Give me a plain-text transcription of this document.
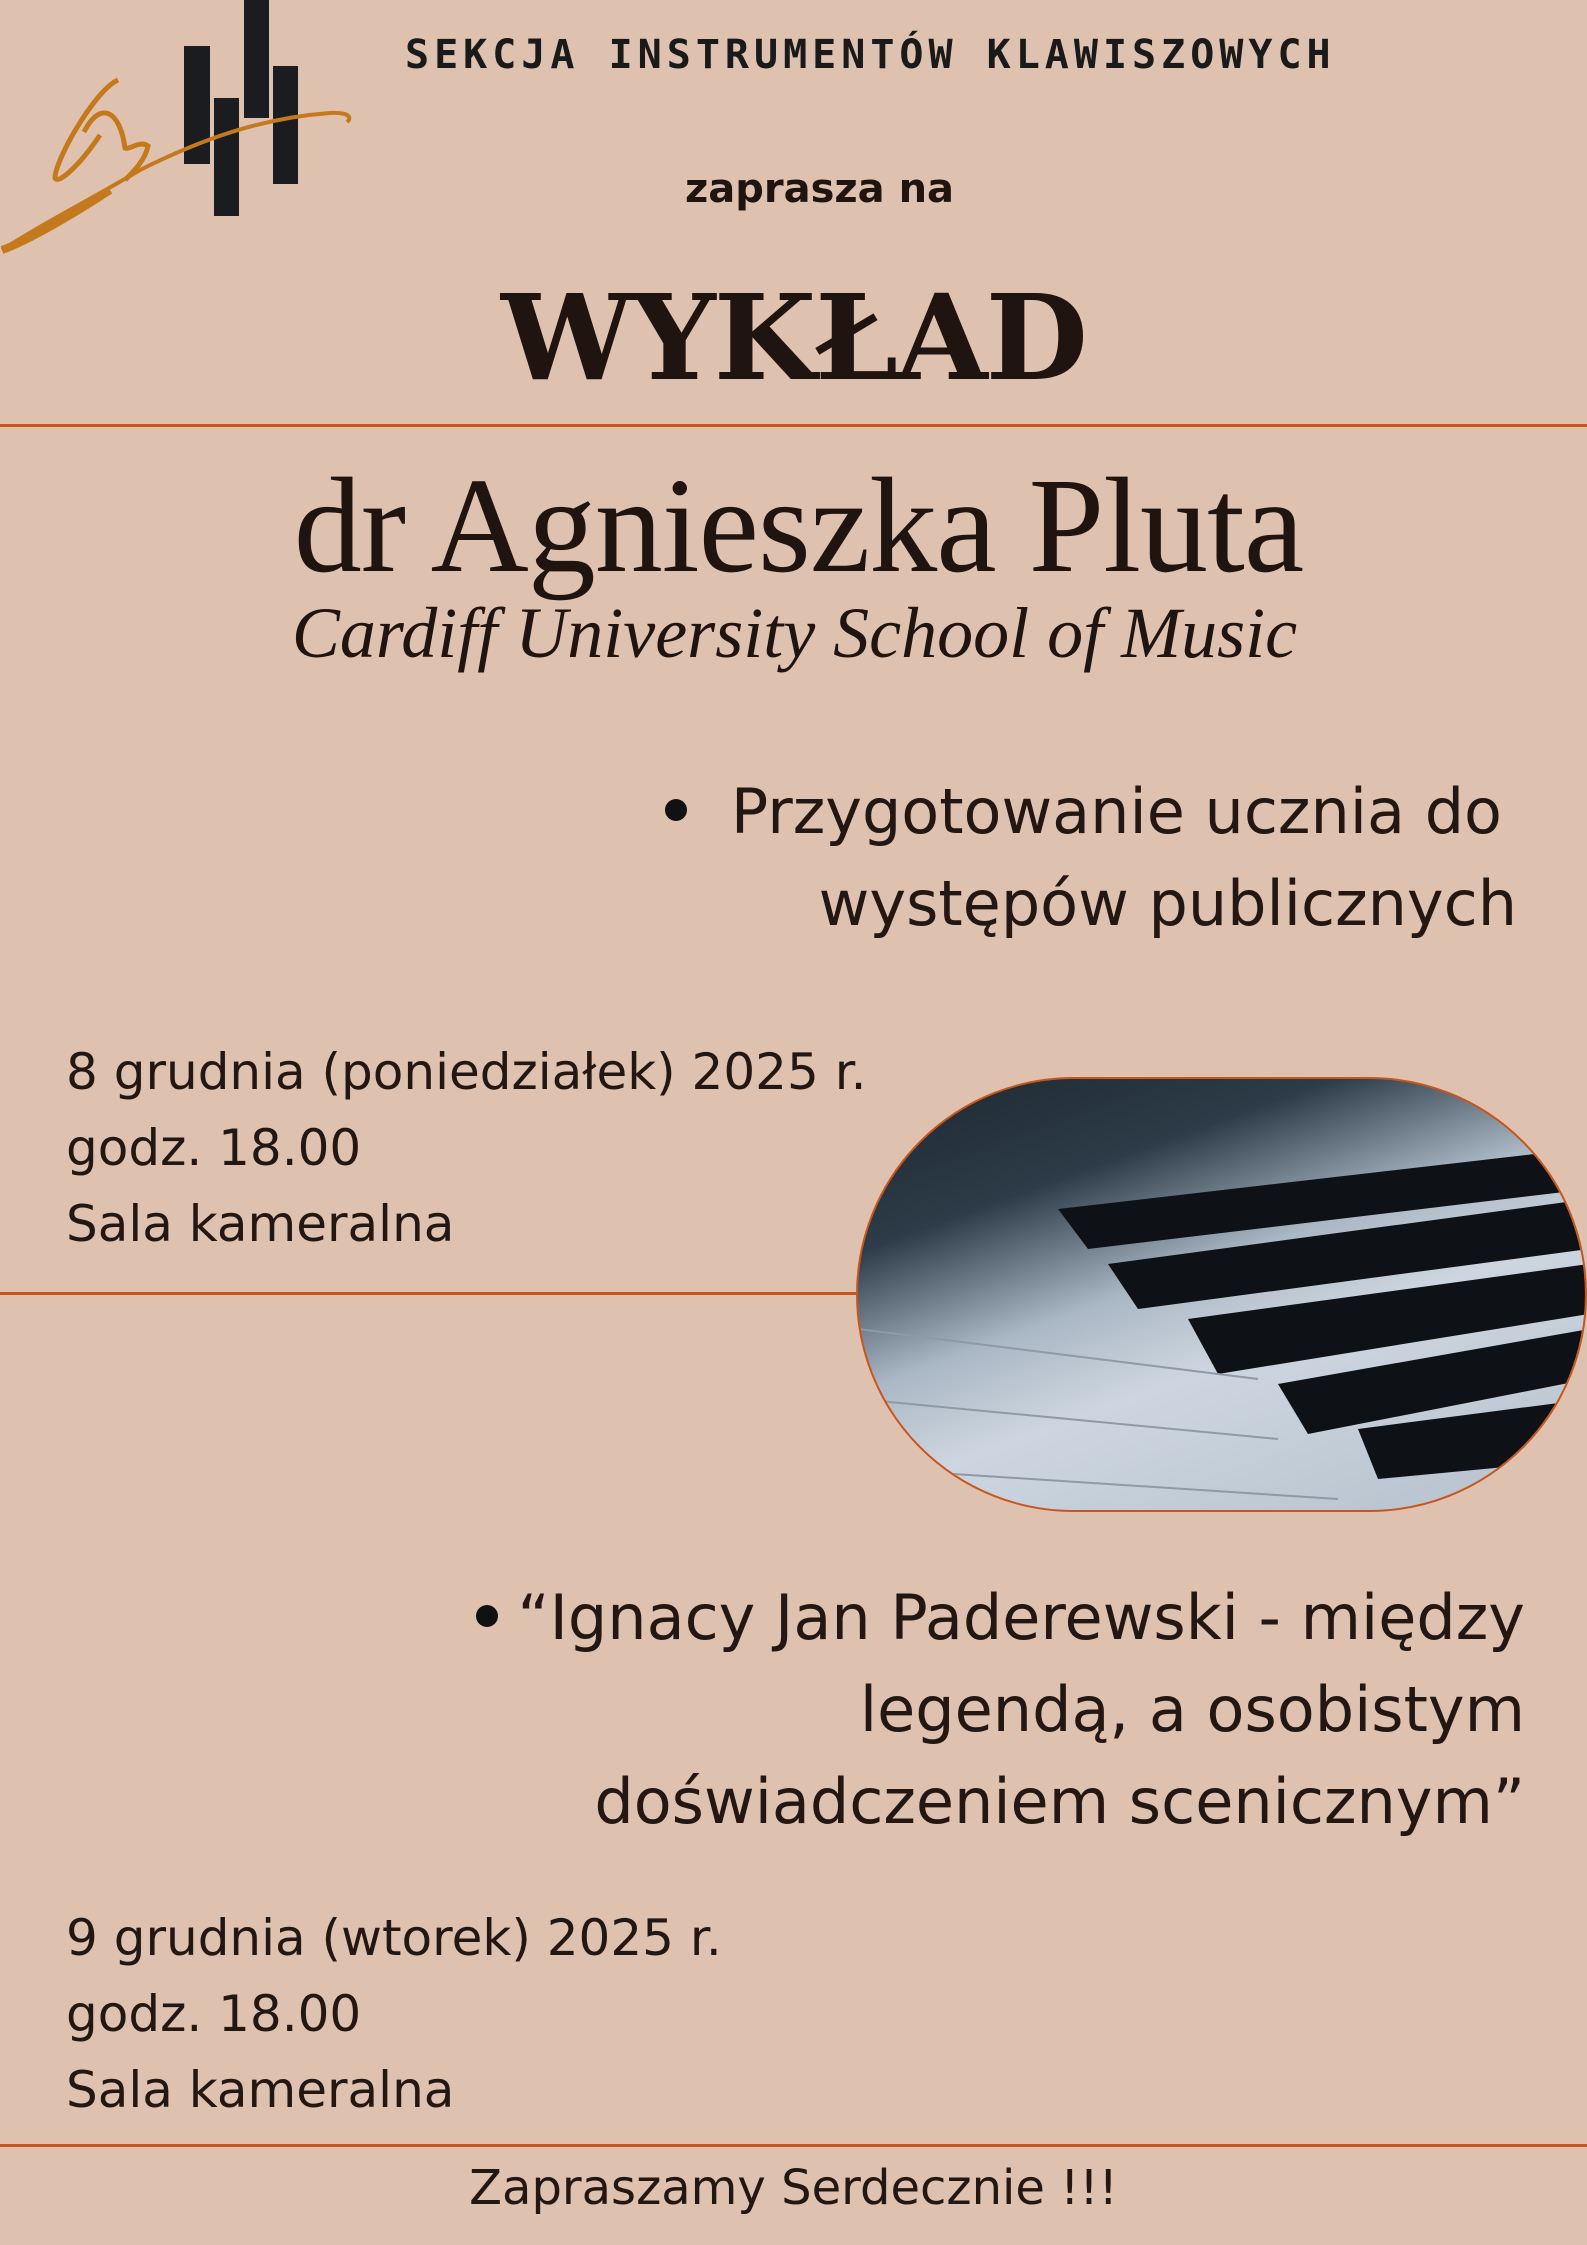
SEKCJA INSTRUMENTÓW KLAWISZOWYCH
zaprasza na
WYKŁAD
dr Agnieszka Pluta
Cardiff University School of Music
Przygotowanie ucznia do
występów publicznych
8 grudnia (poniedziałek) 2025 r.
godz. 18.00
Sala kameralna
“Ignacy Jan Paderewski - między
legendą, a osobistym
doświadczeniem scenicznym”
9 grudnia (wtorek) 2025 r.
godz. 18.00
Sala kameralna
Zapraszamy Serdecznie !!!
